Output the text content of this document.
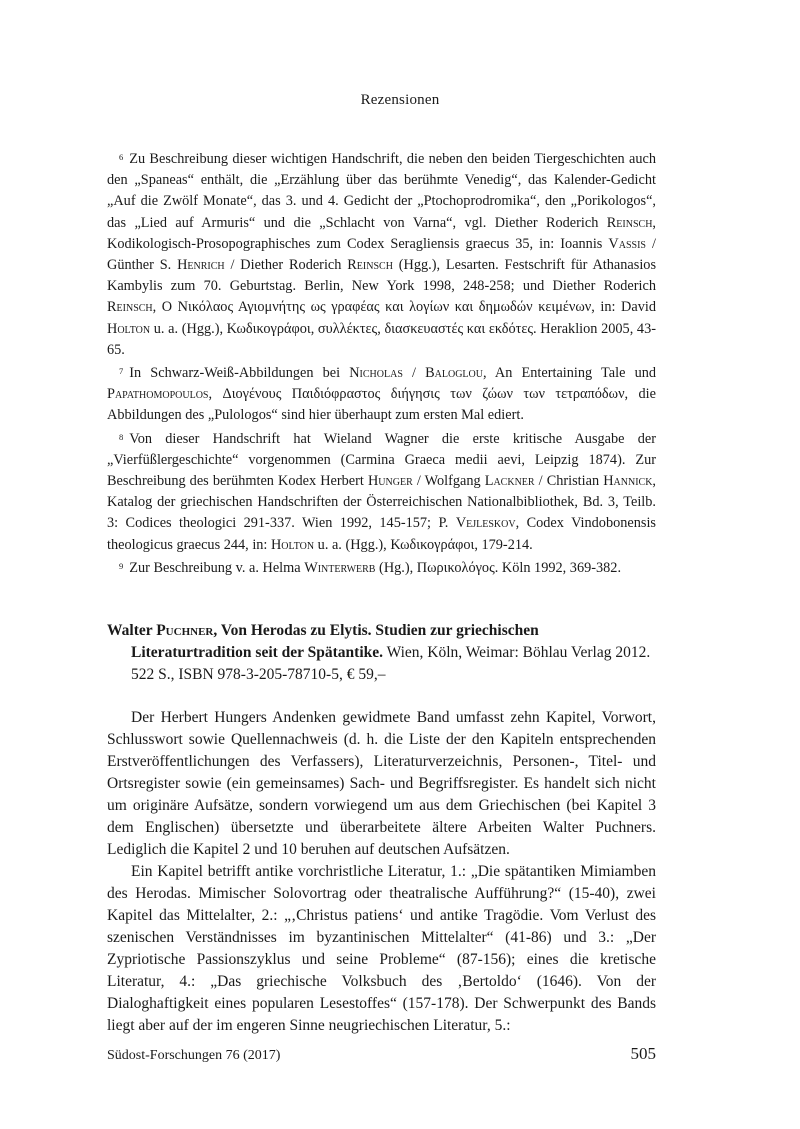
Rezensionen

$^6$ Zu Beschreibung dieser wichtigen Handschrift, die neben den beiden Tiergeschichten auch den „Spaneas“ enthält, die „Erzählung über das berühmte Venedig“, das Kalender-Gedicht „Auf die Zwölf Monate“, das 3. und 4. Gedicht der „Ptochoprodromika“, den „Porikologos“, das „Lied auf Armuris“ und die „Schlacht von Varna“, vgl. Diether Roderich Reinsch, Kodikologisch-Prosopographisches zum Codex Seragliensis graecus 35, in: Ioannis Vassis / Günther S. Henrich / Diether Roderich Reinsch (Hgg.), Lesarten. Festschrift für Athanasios Kambylis zum 70. Geburtstag. Berlin, New York 1998, 248-258; und Diether Roderich Reinsch, Ο Νικόλαος Αγιομνήτης ως γραφέας και λογίων και δημωδών κειμένων, in: David Holton u. a. (Hgg.), Κωδικογράφοι, συλλέκτες, διασκευαστές και εκδότες. Heraklion 2005, 43-65.

$^7$ In Schwarz-Weiß-Abbildungen bei Nicholas / Baloglou, An Entertaining Tale und Papathomopoulos, Διογένους Παιδιόφραστος διήγησις των ζώων των τετραπόδων, die Abbildungen des „Pulologos“ sind hier überhaupt zum ersten Mal ediert.

$^8$ Von dieser Handschrift hat Wieland Wagner die erste kritische Ausgabe der „Vierfüßlergeschichte“ vorgenommen (Carmina Graeca medii aevi, Leipzig 1874). Zur Beschreibung des berühmten Kodex Herbert Hunger / Wolfgang Lackner / Christian Hannick, Katalog der griechischen Handschriften der Österreichischen Nationalbibliothek, Bd. 3, Teilb. 3: Codices theologici 291-337. Wien 1992, 145-157; P. Vejleskov, Codex Vindobonensis theologicus graecus 244, in: Holton u. a. (Hgg.), Κωδικογράφοι, 179-214.

$^9$ Zur Beschreibung v. a. Helma Winterwerb (Hg.), Πωρικολόγος. Köln 1992, 369-382.

Walter Puchner, Von Herodas zu Elytis. Studien zur griechischen Literaturtradition seit der Spätantike. Wien, Köln, Weimar: Böhlau Verlag 2012. 522 S., ISBN 978-3-205-78710-5, € 59,–

Der Herbert Hungers Andenken gewidmete Band umfasst zehn Kapitel, Vorwort, Schlusswort sowie Quellennachweis (d. h. die Liste der den Kapiteln entsprechenden Erstveröffentlichungen des Verfassers), Literaturverzeichnis, Personen-, Titel- und Ortsregister sowie (ein gemeinsames) Sach- und Begriffsregister. Es handelt sich nicht um originäre Aufsätze, sondern vorwiegend um aus dem Griechischen (bei Kapitel 3 dem Englischen) übersetzte und überarbeitete ältere Arbeiten Walter Puchners. Lediglich die Kapitel 2 und 10 beruhen auf deutschen Aufsätzen.

Ein Kapitel betrifft antike vorchristliche Literatur, 1.: „Die spätantiken Mimiamben des Herodas. Mimischer Solovortrag oder theatralische Aufführung?“ (15-40), zwei Kapitel das Mittelalter, 2.: „‚Christus patiens‘ und antike Tragödie. Vom Verlust des szenischen Verständnisses im byzantinischen Mittelalter“ (41-86) und 3.: „Der Zypriotische Passionszyklus und seine Probleme“ (87-156); eines die kretische Literatur, 4.: „Das griechische Volksbuch des ‚Bertoldo‘ (1646). Von der Dialoghaftigkeit eines popularen Lesestoffes“ (157-178). Der Schwerpunkt des Bands liegt aber auf der im engeren Sinne neugriechischen Literatur, 5.:

Südost-Forschungen 76 (2017)	505
